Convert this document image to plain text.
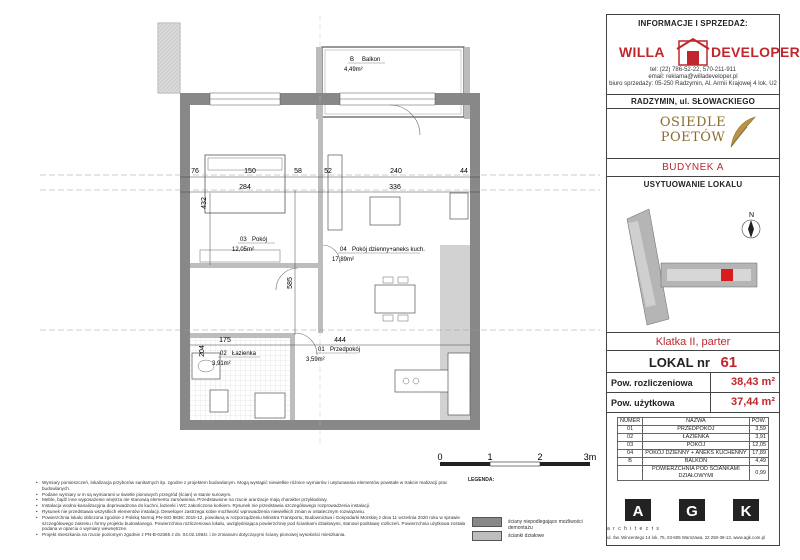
76	150	58	52	240	44
284	336
432
585
175	444
204
B Balkon
4,49m²
03 Pokój
12,05m²	04 Pokój dzienny+aneks kuch.
17,89m²
02 Łazienka
3,91m²
01 Przedpokój
3,59m²
0	1	2	3m
• Wymiary pomieszczeń, lokalizacja przyborów sanitarnych itp. zgodne z projektem budowlanym. Mogą wystąpić niewielkie różnice wymiarów i usytuowania elementów powstałe w trakcie realizacji prac budowlanych.
• Podane wymiary w m są wymiarami w świetle pionowych przegród (ścian) w stanie surowym.
• Meble, bądź inne wyposażenie wnętrza nie stanowią elementu zamówienia. Przedstawione na rzucie aranżacje mają charakter przykładowy.
• Instalacja wodno-kanalizacyjna doprowadzona do kuchni, łazienki i WC zakończona korkiem. Rysunek nie przedstawia szczegółowego rozprowadzenia instalacji.
• Rysunek nie przedstawia wszystkich elementów instalacji. Deweloper zastrzega sobie możliwość wprowadzenia niewielkich zmian w ostatecznym rozwiązaniu.
• Powierzchnia lokalu obliczona zgodnie z Polską Normą PN-ISO 9836: 2015-12, powołaną w rozporządzeniu Ministra Transportu, Budownictwa i Gospodarki Morskiej z dnia 11 września 2020 roku w sprawie szczegółowego zakresu i formy projektu budowlanego. Powierzchnia rozliczeniowa lokalu, uwzględniająca powierzchnię pod ściankami działowymi, stanowi podstawę rozliczeń. Powierzchnia użytkowa została podana w oparciu o wymiary wewnętrzne.
• Projekt mieszkania na rzucie poziomym zgodnie z PN-B-02365 z dn. 04.02.1984r. i ze zmianami dotyczącymi ściany pionowej wysokości mieszkania.
LEGENDA:
ściany niepodlegające możliwości demontażu
ścianki działowe
INFORMACJE I SPRZEDAŻ:
WILLA	DEVELOPER
tel: (22) 786-52-22, 570-211-911
email: reklama@willadeveloper.pl
biuro sprzedaży: 05-250 Radzymin, Al. Armii Krajowej 4 lok. U2
RADZYMIN, ul. SŁOWACKIEGO
OSIEDLE
POETÓW
BUDYNEK A
USYTUOWANIE LOKALU
N
Klatka II, parter
LOKAL nr 61
Pow. rozliczeniowa	38,43 m²
Pow. użytkowa	37,44 m²
NUMER	NAZWA	POW.
01	PRZEDPOKÓJ	3,59
02	ŁAZIENKA	3,91
03	POKÓJ	12,05
04	POKÓJ DZIENNY + ANEKS KUCHENNY	17,89
B	BALKON	4,49
	POWIERZCHNIA POD ŚCIANKAMI DZIAŁOWYMI	0,99
A	G	K
a r c h i t e c t s
ul. Św. Wincentego 14 lok. 75, 03-505 Warszawa, 22 250-39-13, www.agk.com.pl
